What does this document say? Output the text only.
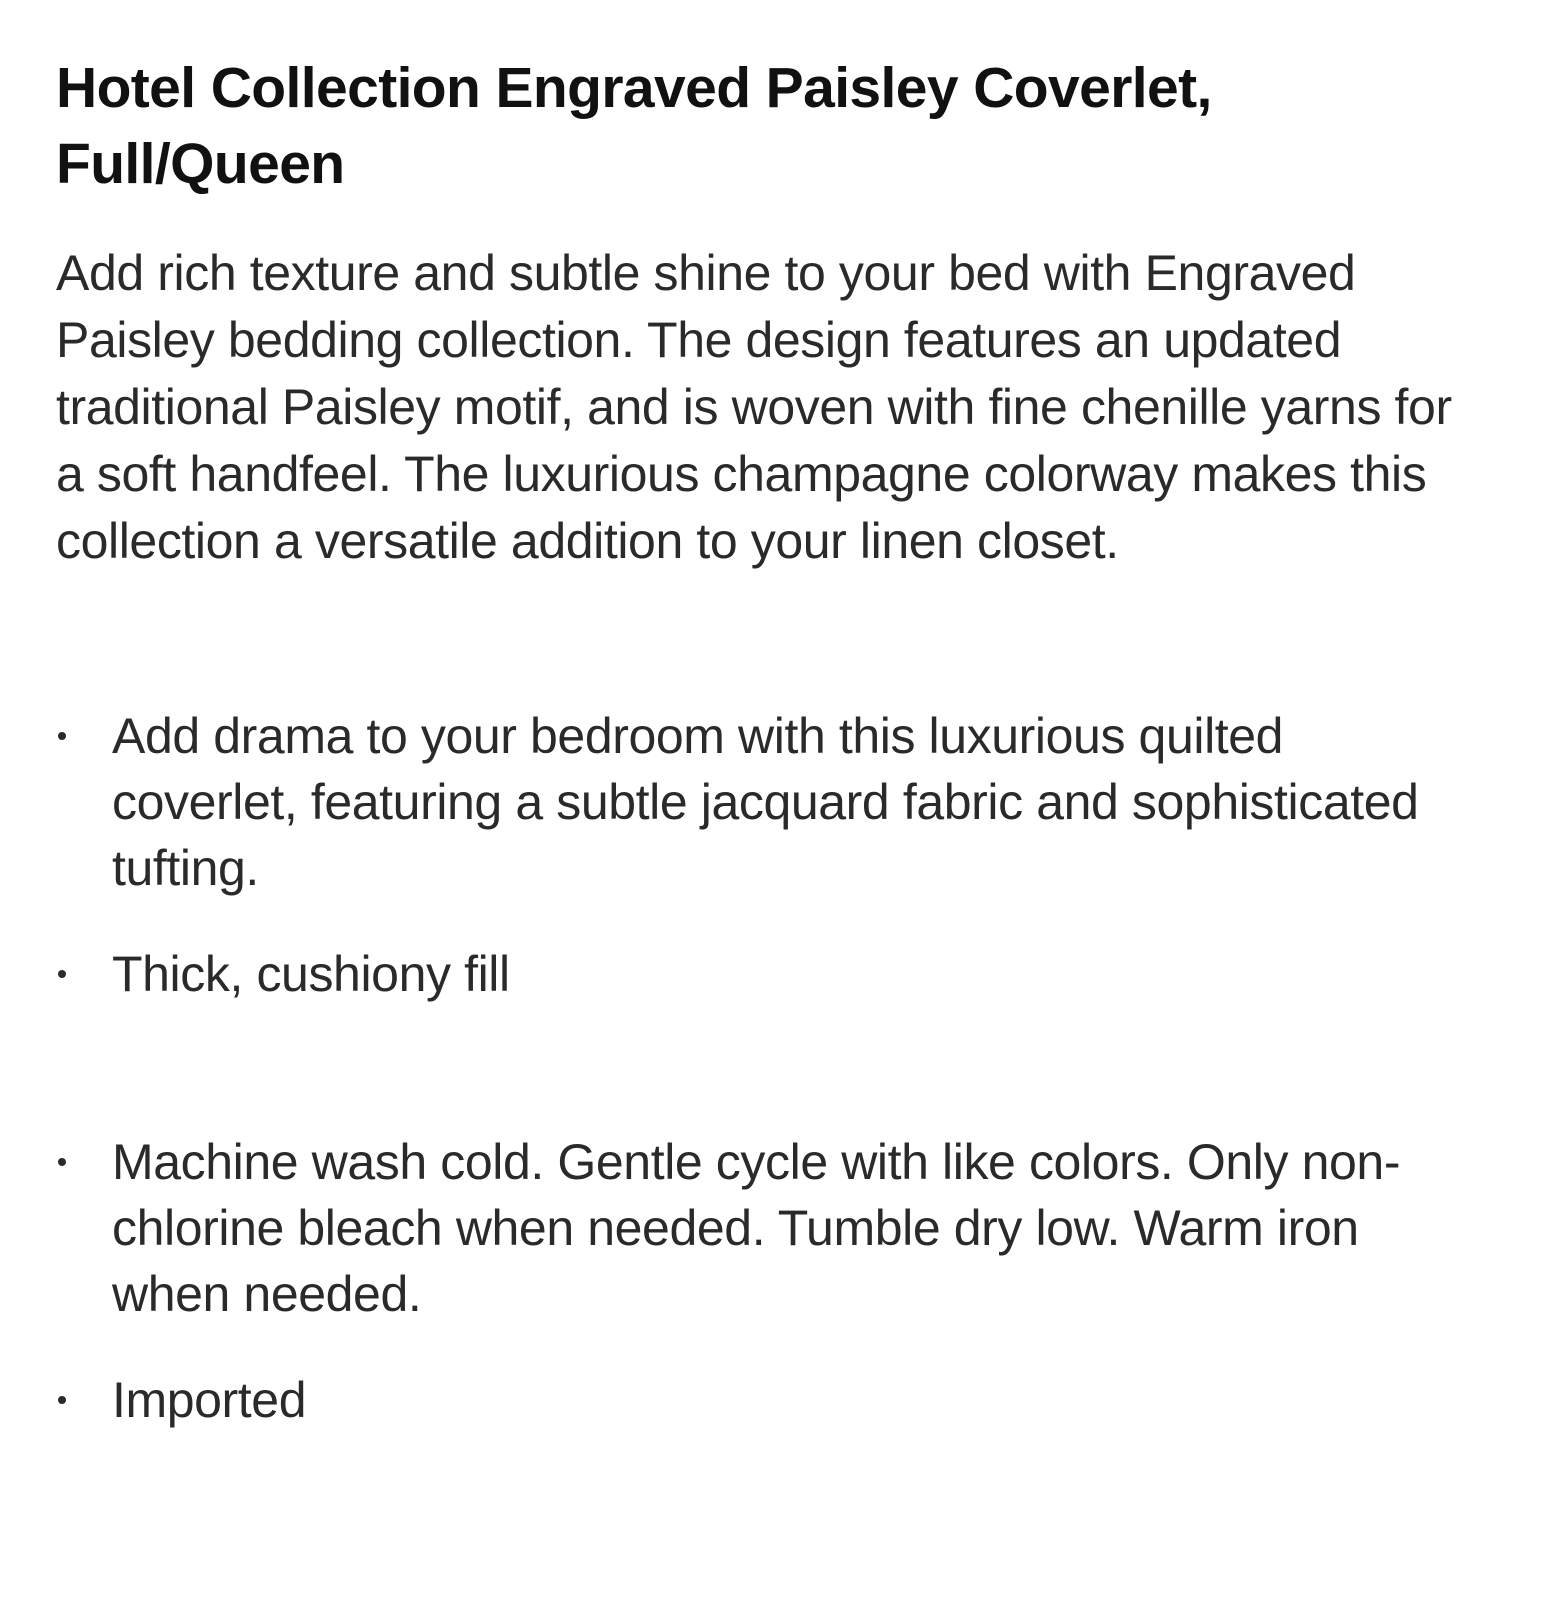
Hotel Collection Engraved Paisley Coverlet, Full/Queen

Add rich texture and subtle shine to your bed with Engraved Paisley bedding collection. The design features an updated traditional Paisley motif, and is woven with fine chenille yarns for a soft handfeel. The luxurious champagne colorway makes this collection a versatile addition to your linen closet.

Add drama to your bedroom with this luxurious quilted coverlet, featuring a subtle jacquard fabric and sophisticated tufting.
Thick, cushiony fill
Machine wash cold. Gentle cycle with like colors. Only non-chlorine bleach when needed. Tumble dry low. Warm iron when needed.
Imported
